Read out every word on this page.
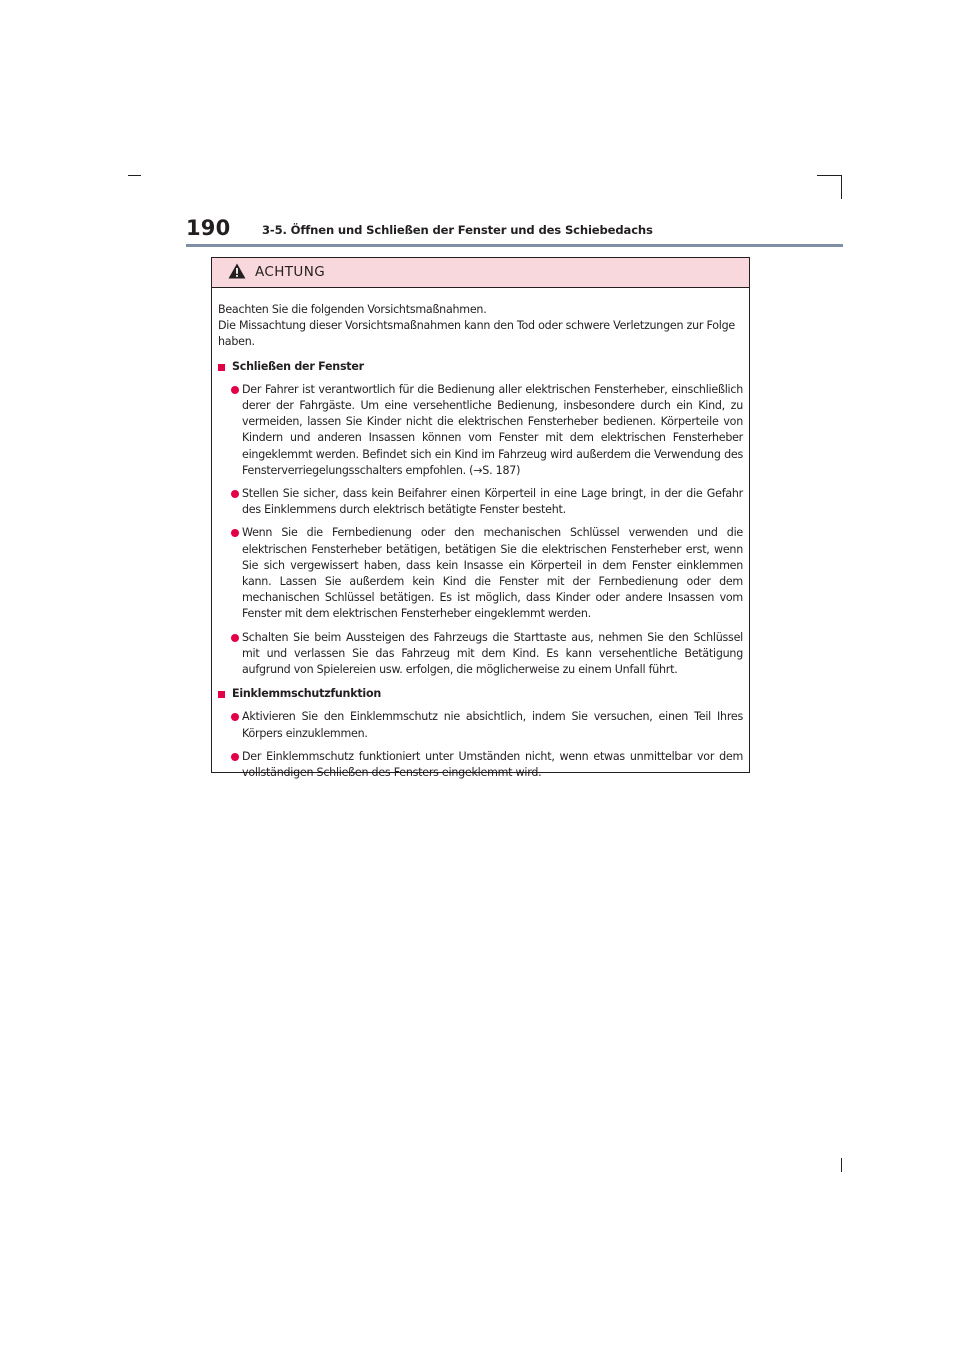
190	3-5. Öffnen und Schließen der Fenster und des Schiebedachs
ACHTUNG

Beachten Sie die folgenden Vorsichtsmaßnahmen.

Die Missachtung dieser Vorsichtsmaßnahmen kann den Tod oder schwere Verletzungen zur Folge haben.

Schließen der Fenster
Der Fahrer ist verantwortlich für die Bedienung aller elektrischen Fensterheber, einschließlich derer der Fahrgäste. Um eine versehentliche Bedienung, insbesondere durch ein Kind, zu vermeiden, lassen Sie Kinder nicht die elektrischen Fensterheber bedienen. Körperteile von Kindern und anderen Insassen können vom Fenster mit dem elektrischen Fensterheber eingeklemmt werden. Befindet sich ein Kind im Fahrzeug wird außerdem die Verwendung des Fensterverriegelungsschalters empfohlen. (→S. 187)
Stellen Sie sicher, dass kein Beifahrer einen Körperteil in eine Lage bringt, in der die Gefahr des Einklemmens durch elektrisch betätigte Fenster besteht.
Wenn Sie die Fernbedienung oder den mechanischen Schlüssel verwenden und die elektrischen Fensterheber betätigen, betätigen Sie die elektrischen Fensterheber erst, wenn Sie sich vergewissert haben, dass kein Insasse ein Körperteil in dem Fenster einklemmen kann. Lassen Sie außerdem kein Kind die Fenster mit der Fernbedienung oder dem mechanischen Schlüssel betätigen. Es ist möglich, dass Kinder oder andere Insassen vom Fenster mit dem elektrischen Fensterheber eingeklemmt werden.
Schalten Sie beim Aussteigen des Fahrzeugs die Starttaste aus, nehmen Sie den Schlüssel mit und verlassen Sie das Fahrzeug mit dem Kind. Es kann versehentliche Betätigung aufgrund von Spielereien usw. erfolgen, die möglicherweise zu einem Unfall führt.
Einklemmschutzfunktion
Aktivieren Sie den Einklemmschutz nie absichtlich, indem Sie versuchen, einen Teil Ihres Körpers einzuklemmen.
Der Einklemmschutz funktioniert unter Umständen nicht, wenn etwas unmittelbar vor dem vollständigen Schließen des Fensters eingeklemmt wird.
